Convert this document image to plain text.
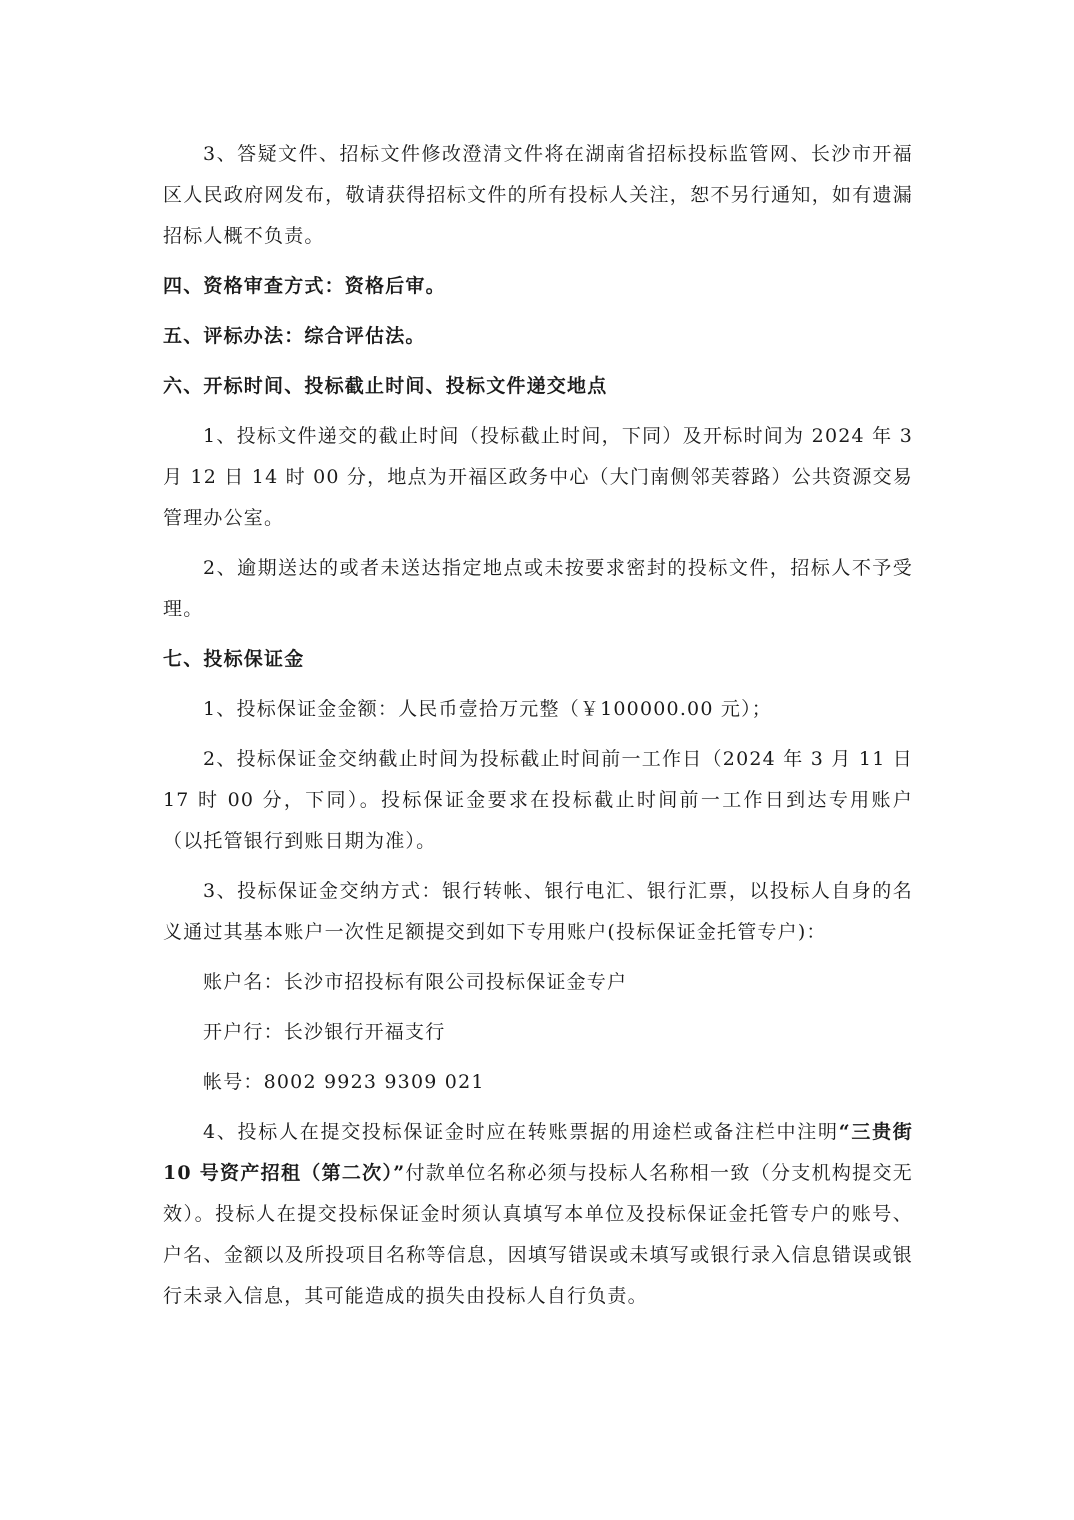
3、答疑文件、招标文件修改澄清文件将在湖南省招标投标监管网、长沙市开福区人民政府网发布，敬请获得招标文件的所有投标人关注，恕不另行通知，如有遗漏招标人概不负责。

四、资格审查方式：资格后审。

五、评标办法：综合评估法。

六、开标时间、投标截止时间、投标文件递交地点

1、投标文件递交的截止时间（投标截止时间，下同）及开标时间为 2024 年 3 月 12 日 14 时 00 分，地点为开福区政务中心（大门南侧邻芙蓉路）公共资源交易管理办公室。

2、逾期送达的或者未送达指定地点或未按要求密封的投标文件，招标人不予受理。

七、投标保证金

1、投标保证金金额：人民币壹拾万元整（￥100000.00 元）；

2、投标保证金交纳截止时间为投标截止时间前一工作日（2024 年 3 月 11 日 17 时 00 分，下同）。投标保证金要求在投标截止时间前一工作日到达专用账户（以托管银行到账日期为准）。

3、投标保证金交纳方式：银行转帐、银行电汇、银行汇票，以投标人自身的名义通过其基本账户一次性足额提交到如下专用账户(投标保证金托管专户)：

账户名：长沙市招投标有限公司投标保证金专户

开户行：长沙银行开福支行

帐号：8002 9923 9309 021

4、投标人在提交投标保证金时应在转账票据的用途栏或备注栏中注明“三贵街 10 号资产招租（第二次）”付款单位名称必须与投标人名称相一致（分支机构提交无效）。投标人在提交投标保证金时须认真填写本单位及投标保证金托管专户的账号、户名、金额以及所投项目名称等信息，因填写错误或未填写或银行录入信息错误或银行未录入信息，其可能造成的损失由投标人自行负责。
